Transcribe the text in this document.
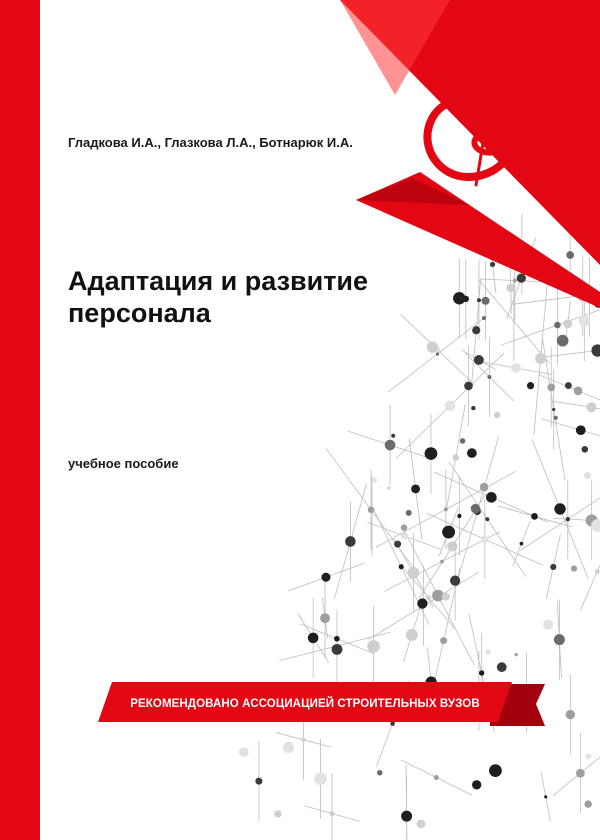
Гладкова И.А., Глазкова Л.А., Ботнарюк И.А.
Адаптация и развитие персонала
учебное пособие
РЕКОМЕНДОВАНО АССОЦИАЦИЕЙ СТРОИТЕЛЬНЫХ ВУЗОВ
